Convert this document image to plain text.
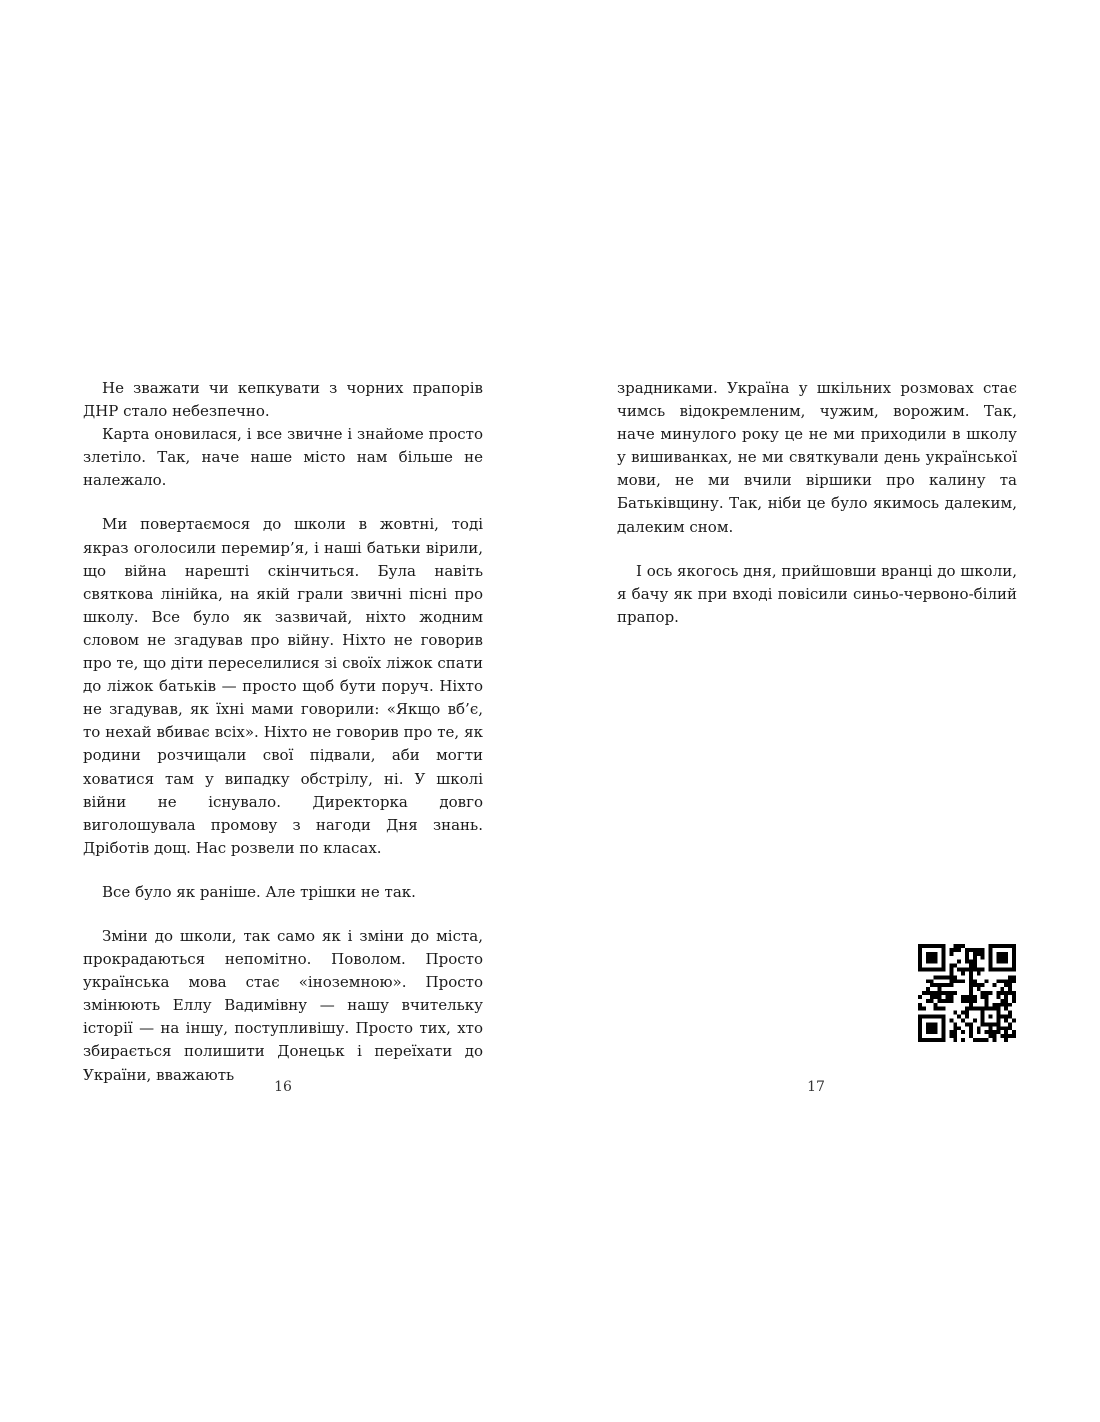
Не зважати чи кепкувати з чорних прапорів ДНР стало небезпечно.

Карта оновилася, і все звичне і знайоме просто злетіло. Так, наче наше місто нам більше не належало.

Ми повертаємося до школи в жовтні, тоді якраз оголосили перемир’я, і наші батьки вірили, що війна нарешті скінчиться. Була навіть святкова лінійка, на якій грали звичні пісні про школу. Все було як зазвичай, ніхто жодним словом не згадував про війну. Ніхто не говорив про те, що діти переселилися зі своїх ліжок спати до ліжок батьків — просто щоб бути поруч. Ніхто не згадував, як їхні мами говорили: «Якщо вб’є, то нехай вбиває всіх». Ніхто не говорив про те, як родини розчищали свої підвали, аби могти ховатися там у випадку обстрілу, ні. У школі війни не існувало. Директорка довго виголошувала промову з нагоди Дня знань. Дріботів дощ. Нас розвели по класах.

Все було як раніше. Але трішки не так.

Зміни до школи, так само як і зміни до міста, прокрадаються непомітно. Поволом. Просто українська мова стає «іноземною». Просто змінюють Еллу Вадимівну — нашу вчительку історії — на іншу, поступливішу. Просто тих, хто збирається полишити Донецьк і переїхати до України, вважають

зрадниками. Україна у шкільних розмовах стає чимсь відокремленим, чужим, ворожим. Так, наче минулого року це не ми приходили в школу у вишиванках, не ми святкували день української мови, не ми вчили віршики про калину та Батьківщину. Так, ніби це було якимось далеким, далеким сном.

І ось якогось дня, прийшовши вранці до школи, я бачу як при вході повісили синьо-червоно-білий прапор.

16	17
